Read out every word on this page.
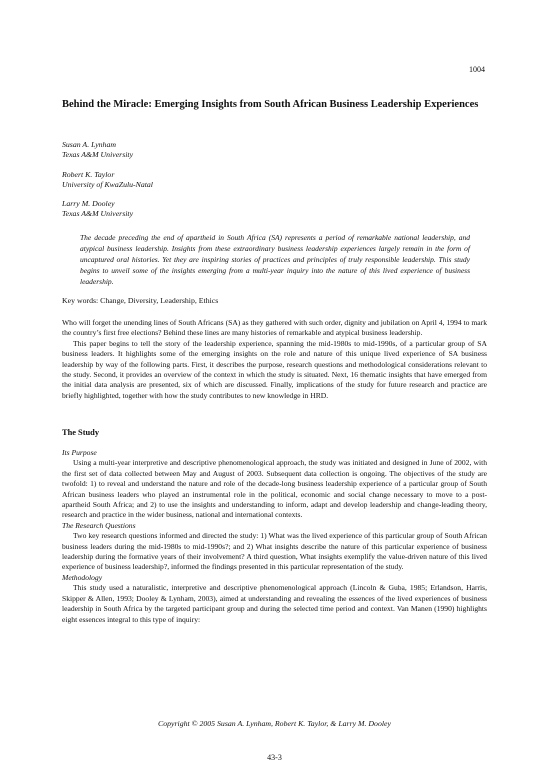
1004
Behind the Miracle: Emerging Insights from South African Business Leadership Experiences
Susan A. Lynham
Texas A&M University
Robert K. Taylor
University of KwaZulu-Natal
Larry M. Dooley
Texas A&M University

The decade preceding the end of apartheid in South Africa (SA) represents a period of remarkable national leadership, and atypical business leadership. Insights from these extraordinary business leadership experiences largely remain in the form of uncaptured oral histories. Yet they are inspiring stories of practices and principles of truly responsible leadership. This study begins to unveil some of the insights emerging from a multi-year inquiry into the nature of this lived experience of business leadership.

Key words: Change, Diversity, Leadership, Ethics

Who will forget the unending lines of South Africans (SA) as they gathered with such order, dignity and jubilation on April 4, 1994 to mark the country’s first free elections? Behind these lines are many histories of remarkable and atypical business leadership.

This paper begins to tell the story of the leadership experience, spanning the mid-1980s to mid-1990s, of a particular group of SA business leaders. It highlights some of the emerging insights on the role and nature of this unique lived experience of SA business leadership by way of the following parts. First, it describes the purpose, research questions and methodological considerations relevant to the study. Second, it provides an overview of the context in which the study is situated. Next, 16 thematic insights that have emerged from the initial data analysis are presented, six of which are discussed. Finally, implications of the study for future research and practice are briefly highlighted, together with how the study contributes to new knowledge in HRD.

The Study

Its Purpose

Using a multi-year interpretive and descriptive phenomenological approach, the study was initiated and designed in June of 2002, with the first set of data collected between May and August of 2003. Subsequent data collection is ongoing. The objectives of the study are twofold: 1) to reveal and understand the nature and role of the decade-long business leadership experience of a particular group of South African business leaders who played an instrumental role in the political, economic and social change necessary to move to a post-apartheid South Africa; and 2) to use the insights and understanding to inform, adapt and develop leadership and change-leading theory, research and practice in the wider business, national and international contexts.

The Research Questions

Two key research questions informed and directed the study: 1) What was the lived experience of this particular group of South African business leaders during the mid-1980s to mid-1990s?; and 2) What insights describe the nature of this particular experience of business leadership during the formative years of their involvement? A third question, What insights exemplify the value-driven nature of this lived experience of business leadership?, informed the findings presented in this particular representation of the study.

Methodology

This study used a naturalistic, interpretive and descriptive phenomenological approach (Lincoln & Guba, 1985; Erlandson, Harris, Skipper & Allen, 1993; Dooley & Lynham, 2003), aimed at understanding and revealing the essences of the lived experiences of business leadership in South Africa by the targeted participant group and during the selected time period and context. Van Manen (1990) highlights eight essences integral to this type of inquiry:

Copyright © 2005 Susan A. Lynham, Robert K. Taylor, & Larry M. Dooley

43-3
